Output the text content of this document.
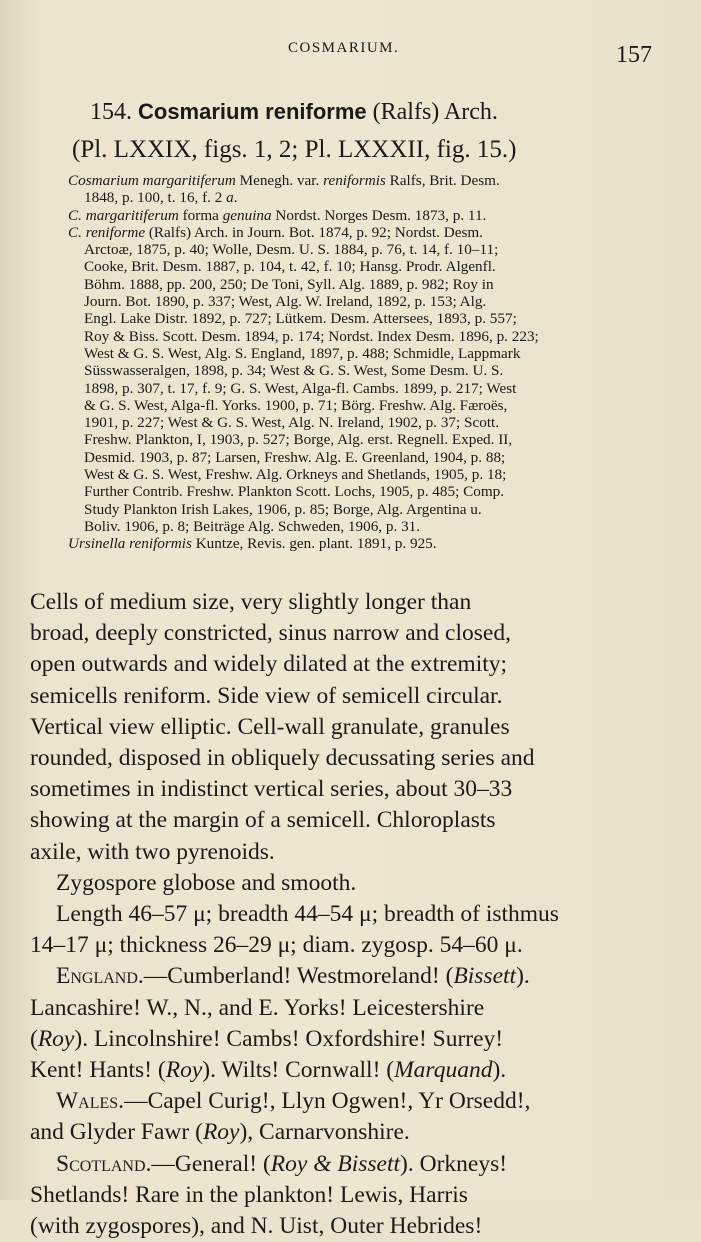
COSMARIUM.	157
154. Cosmarium reniforme (Ralfs) Arch.
(Pl. LXXIX, figs. 1, 2; Pl. LXXXII, fig. 15.)
Cosmarium margaritiferum Menegh. var. reniformis Ralfs, Brit. Desm.
1848, p. 100, t. 16, f. 2 a.
C. margaritiferum forma genuina Nordst. Norges Desm. 1873, p. 11.
C. reniforme (Ralfs) Arch. in Journ. Bot. 1874, p. 92; Nordst. Desm.
Arctoæ, 1875, p. 40; Wolle, Desm. U. S. 1884, p. 76, t. 14, f. 10–11;
Cooke, Brit. Desm. 1887, p. 104, t. 42, f. 10; Hansg. Prodr. Algenfl.
Böhm. 1888, pp. 200, 250; De Toni, Syll. Alg. 1889, p. 982; Roy in
Journ. Bot. 1890, p. 337; West, Alg. W. Ireland, 1892, p. 153; Alg.
Engl. Lake Distr. 1892, p. 727; Lütkem. Desm. Attersees, 1893, p. 557;
Roy & Biss. Scott. Desm. 1894, p. 174; Nordst. Index Desm. 1896, p. 223;
West & G. S. West, Alg. S. England, 1897, p. 488; Schmidle, Lappmark
Süsswasseralgen, 1898, p. 34; West & G. S. West, Some Desm. U. S.
1898, p. 307, t. 17, f. 9; G. S. West, Alga-fl. Cambs. 1899, p. 217; West
& G. S. West, Alga-fl. Yorks. 1900, p. 71; Börg. Freshw. Alg. Færoës,
1901, p. 227; West & G. S. West, Alg. N. Ireland, 1902, p. 37; Scott.
Freshw. Plankton, I, 1903, p. 527; Borge, Alg. erst. Regnell. Exped. II,
Desmid. 1903, p. 87; Larsen, Freshw. Alg. E. Greenland, 1904, p. 88;
West & G. S. West, Freshw. Alg. Orkneys and Shetlands, 1905, p. 18;
Further Contrib. Freshw. Plankton Scott. Lochs, 1905, p. 485; Comp.
Study Plankton Irish Lakes, 1906, p. 85; Borge, Alg. Argentina u.
Boliv. 1906, p. 8; Beiträge Alg. Schweden, 1906, p. 31.
Ursinella reniformis Kuntze, Revis. gen. plant. 1891, p. 925.
Cells of medium size, very slightly longer than
broad, deeply constricted, sinus narrow and closed,
open outwards and widely dilated at the extremity;
semicells reniform. Side view of semicell circular.
Vertical view elliptic. Cell-wall granulate, granules
rounded, disposed in obliquely decussating series and
sometimes in indistinct vertical series, about 30–33
showing at the margin of a semicell. Chloroplasts
axile, with two pyrenoids.
Zygospore globose and smooth.
Length 46–57 μ; breadth 44–54 μ; breadth of isthmus
14–17 μ; thickness 26–29 μ; diam. zygosp. 54–60 μ.
England.—Cumberland! Westmoreland! (Bissett).
Lancashire! W., N., and E. Yorks! Leicestershire
(Roy). Lincolnshire! Cambs! Oxfordshire! Surrey!
Kent! Hants! (Roy). Wilts! Cornwall! (Marquand).
Wales.—Capel Curig!, Llyn Ogwen!, Yr Orsedd!,
and Glyder Fawr (Roy), Carnarvonshire.
Scotland.—General! (Roy & Bissett). Orkneys!
Shetlands! Rare in the plankton! Lewis, Harris
(with zygospores), and N. Uist, Outer Hebrides!
